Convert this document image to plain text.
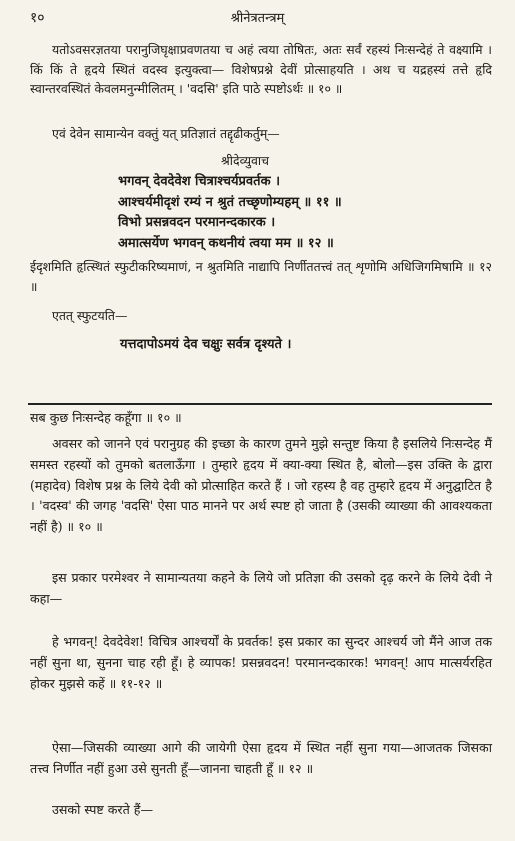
१०	श्रीनेत्रतन्त्रम्
यतोऽवसरज्ञतया परानुजिघृक्षाप्रवणतया च अहं त्वया तोषितः, अतः सर्वं रहस्यं निःसन्देहं ते वक्ष्यामि । किं किं ते हृदये स्थितं वदस्व इत्युक्त्वा— विशेषप्रश्ने देवीं प्रोत्साहयति । अथ च यद्रहस्यं तत्ते हृदि स्वान्तरवस्थितं केवलमनुन्मीलितम् । 'वदसि' इति पाठे स्पष्टोऽर्थः ॥ १० ॥
एवं देवेन सामान्येन वक्तुं यत् प्रतिज्ञातं तद्दृढीकर्तुम्—
श्रीदेव्युवाच
भगवन् देवदेवेश चित्राश्चर्यप्रवर्तक ।
आश्चर्यमीदृशं रम्यं न श्रुतं तच्छृणोम्यहम् ॥ ११ ॥
विभो प्रसन्नवदन परमानन्दकारक ।
अमात्सर्येण भगवन् कथनीयं त्वया मम ॥ १२ ॥
ईदृशमिति हृत्स्थितं स्फुटीकरिष्यमाणं, न श्रुतमिति नाद्यापि निर्णीततत्त्वं तत् शृणोमि अधिजिगमिषामि ॥ १२ ॥
एतत् स्फुटयति—
यत्तदापोऽमयं देव चक्षुः सर्वत्र दृश्यते ।
सब कुछ निःसन्देह कहूँगा ॥ १० ॥
अवसर को जानने एवं परानुग्रह की इच्छा के कारण तुमने मुझे सन्तुष्ट किया है इसलिये निःसन्देह मैं समस्त रहस्यों को तुमको बतलाऊँगा । तुम्हारे हृदय में क्या-क्या स्थित है, बोलो—इस उक्ति के द्वारा (महादेव) विशेष प्रश्न के लिये देवी को प्रोत्साहित करते हैं । जो रहस्य है वह तुम्हारे हृदय में अनुद्घाटित है । 'वदस्व' की जगह 'वदसि' ऐसा पाठ मानने पर अर्थ स्पष्ट हो जाता है (उसकी व्याख्या की आवश्यकता नहीं है) ॥ १० ॥
इस प्रकार परमेश्वर ने सामान्यतया कहने के लिये जो प्रतिज्ञा की उसको दृढ़ करने के लिये देवी ने कहा—
हे भगवन्! देवदेवेश! विचित्र आश्चर्यों के प्रवर्तक! इस प्रकार का सुन्दर आश्चर्य जो मैंने आज तक नहीं सुना था, सुनना चाह रही हूँ। हे व्यापक! प्रसन्नवदन! परमानन्दकारक! भगवन्! आप मात्सर्यरहित होकर मुझसे कहें ॥ ११-१२ ॥
ऐसा—जिसकी व्याख्या आगे की जायेगी ऐसा हृदय में स्थित नहीं सुना गया—आजतक जिसका तत्त्व निर्णीत नहीं हुआ उसे सुनती हूँ—जानना चाहती हूँ ॥ १२ ॥
उसको स्पष्ट करते हैं—
